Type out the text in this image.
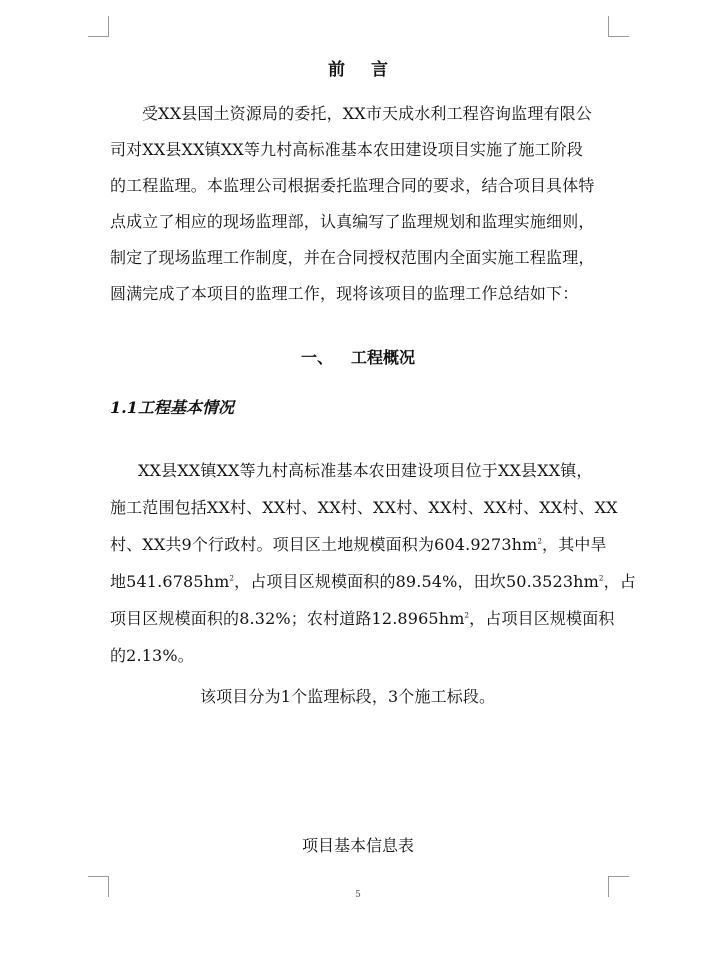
前 言
受XX县国土资源局的委托，XX市天成水利工程咨询监理有限公
司对XX县XX镇XX等九村高标准基本农田建设项目实施了施工阶段
的工程监理。本监理公司根据委托监理合同的要求，结合项目具体特
点成立了相应的现场监理部，认真编写了监理规划和监理实施细则，
制定了现场监理工作制度，并在合同授权范围内全面实施工程监理，
圆满完成了本项目的监理工作，现将该项目的监理工作总结如下：
一、 工程概况
1.1工程基本情况
XX县XX镇XX等九村高标准基本农田建设项目位于XX县XX镇，
施工范围包括XX村、XX村、XX村、XX村、XX村、XX村、XX村、XX
村、XX共9个行政村。项目区土地规模面积为$604.9273hm^2$，其中旱
地$541.6785hm^2$，占项目区规模面积的89.54%，田坎$50.3523hm^2$，占
项目区规模面积的8.32%；农村道路$12.8965hm^2$，占项目区规模面积
的2.13%。
该项目分为1个监理标段，3个施工标段。
项目基本信息表
5
